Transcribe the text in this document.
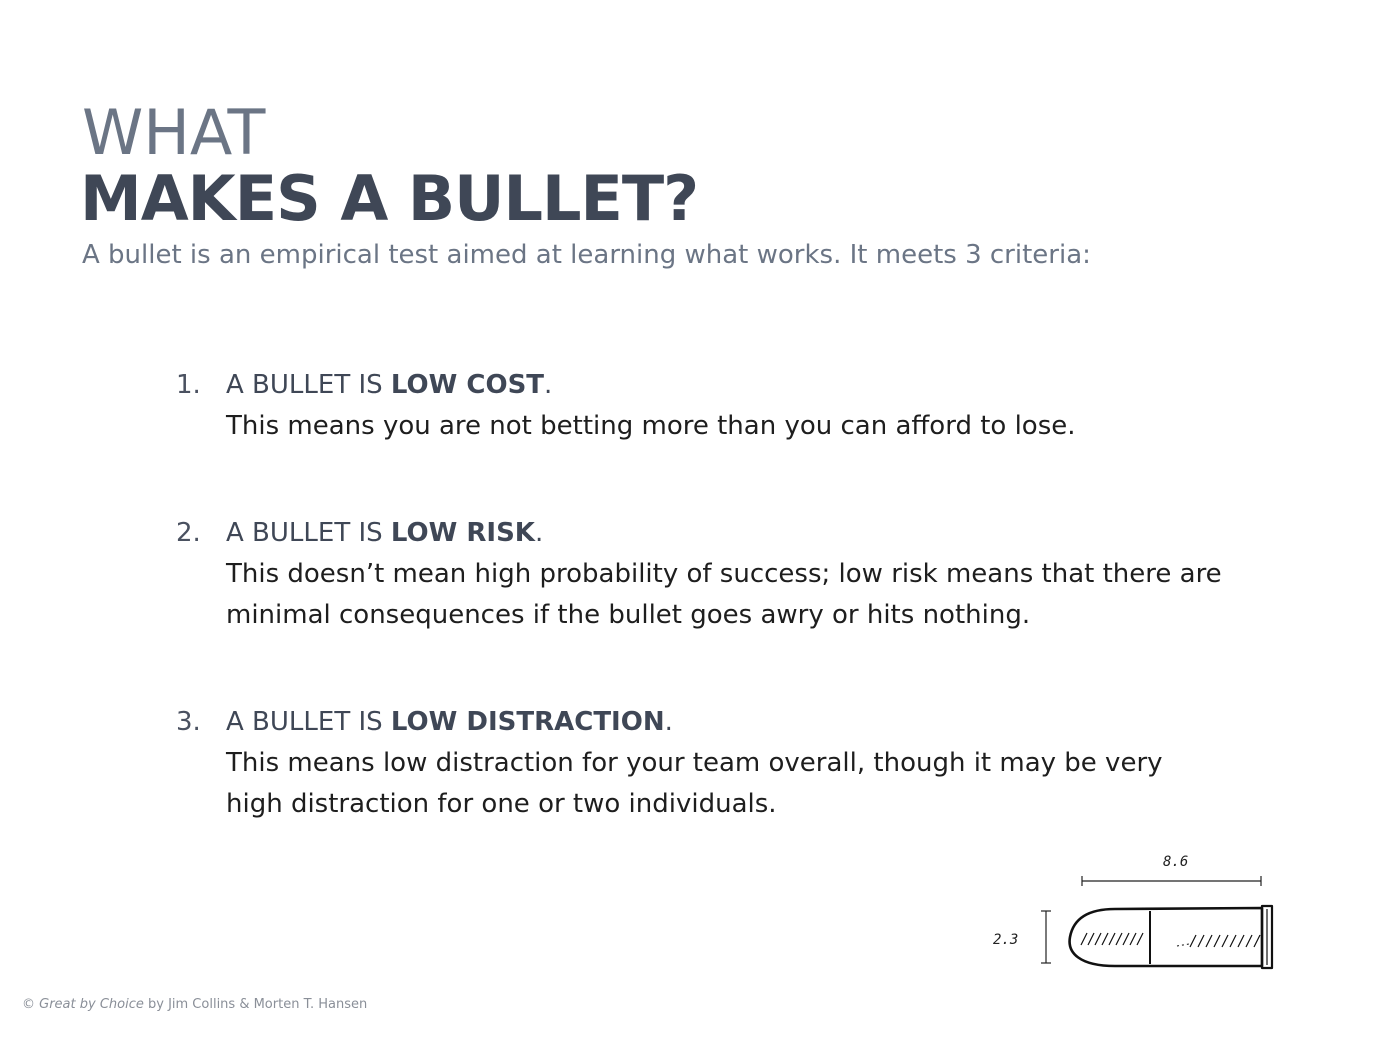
WHAT
MAKES A BULLET?

A bullet is an empirical test aimed at learning what works. It meets 3 criteria:

1. A BULLET IS LOW COST.
This means you are not betting more than you can afford to lose.
2. A BULLET IS LOW RISK.
This doesn’t mean high probability of success; low risk means that there are minimal consequences if the bullet goes awry or hits nothing.
3. A BULLET IS LOW DISTRACTION.
This means low distraction for your team overall, though it may be very high distraction for one or two individuals.
8.6
2.3
© Great by Choice by Jim Collins & Morten T. Hansen
